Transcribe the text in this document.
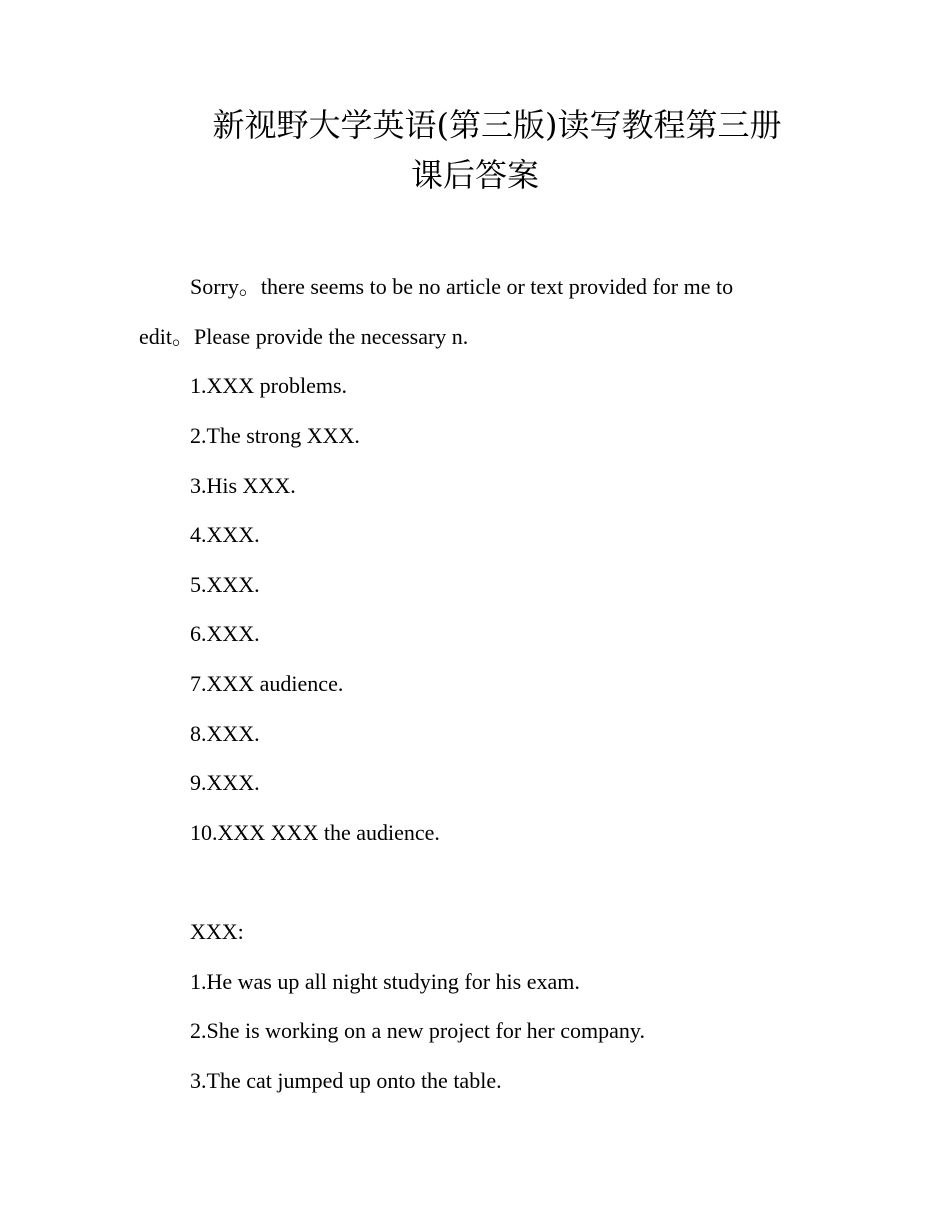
新视野大学英语(第三版)读写教程第三册
课后答案
Sorry。there seems to be no article or text provided for me to
edit。Please provide the necessary n.
1.XXX problems.
2.The strong XXX.
3.His XXX.
4.XXX.
5.XXX.
6.XXX.
7.XXX audience.
8.XXX.
9.XXX.
10.XXX XXX the audience.
XXX:
1.He was up all night studying for his exam.
2.She is working on a new project for her company.
3.The cat jumped up onto the table.
